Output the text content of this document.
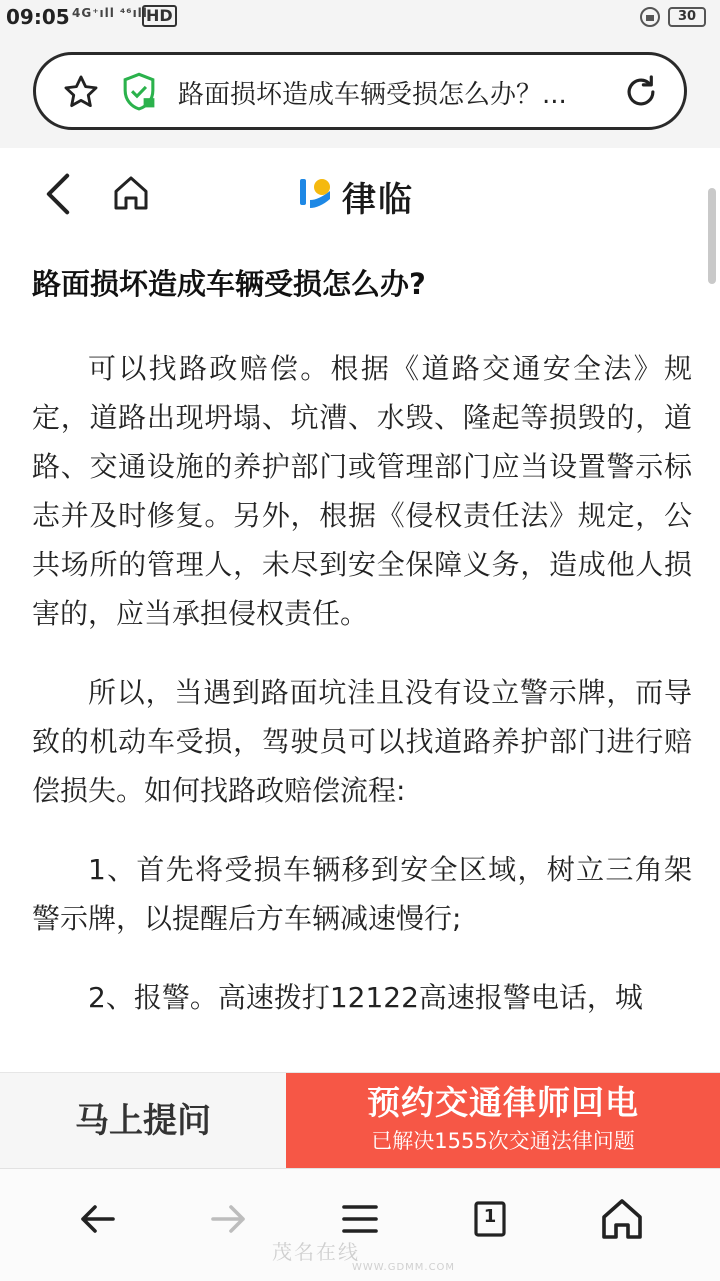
09:05 4G⁺ıll ⁴⁶ıll
HD	30
路面损坏造成车辆受损怎么办？...
律临
路面损坏造成车辆受损怎么办?

可以找路政赔偿。根据《道路交通安全法》规定，道路出现坍塌、坑漕、水毁、隆起等损毁的，道路、交通设施的养护部门或管理部门应当设置警示标志并及时修复。另外，根据《侵权责任法》规定，公共场所的管理人，未尽到安全保障义务，造成他人损害的，应当承担侵权责任。

所以，当遇到路面坑洼且没有设立警示牌，而导致的机动车受损，驾驶员可以找道路养护部门进行赔偿损失。如何找路政赔偿流程:

1、首先将受损车辆移到安全区域，树立三角架警示牌，以提醒后方车辆减速慢行;

2、报警。高速拨打12122高速报警电话，城

马上提问	预约交通律师回电
已解决1555次交通法律问题
1
茂名在线
WWW.GDMM.COM
